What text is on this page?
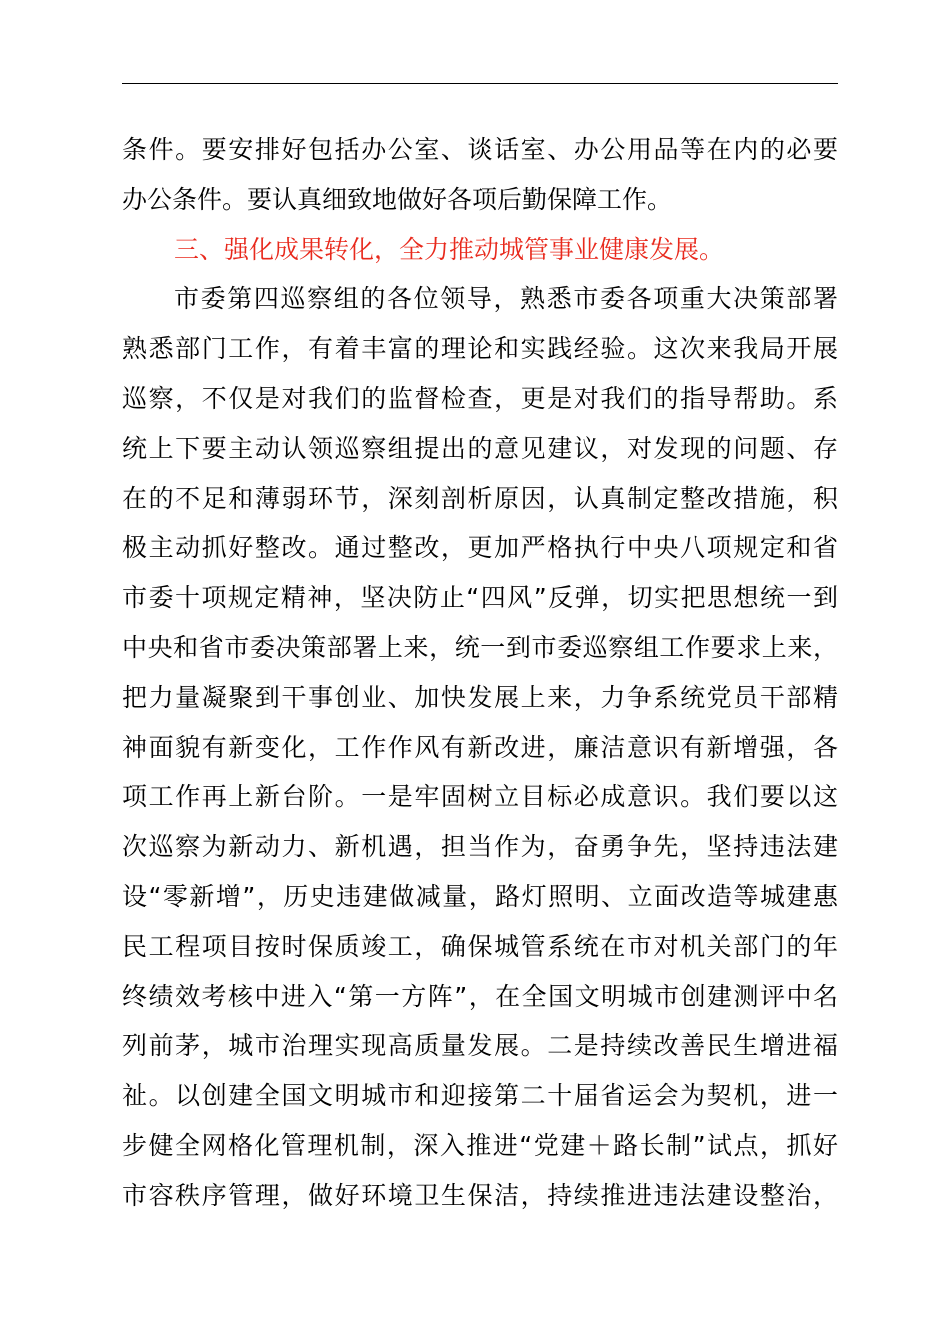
条件。要安排好包括办公室、谈话室、办公用品等在内的必要
办公条件。要认真细致地做好各项后勤保障工作。
三、强化成果转化，全力推动城管事业健康发展。
市委第四巡察组的各位领导，熟悉市委各项重大决策部署
熟悉部门工作，有着丰富的理论和实践经验。这次来我局开展
巡察，不仅是对我们的监督检查，更是对我们的指导帮助。系
统上下要主动认领巡察组提出的意见建议，对发现的问题、存
在的不足和薄弱环节，深刻剖析原因，认真制定整改措施，积
极主动抓好整改。通过整改，更加严格执行中央八项规定和省
市委十项规定精神，坚决防止“四风”反弹，切实把思想统一到
中央和省市委决策部署上来，统一到市委巡察组工作要求上来，
把力量凝聚到干事创业、加快发展上来，力争系统党员干部精
神面貌有新变化，工作作风有新改进，廉洁意识有新增强，各
项工作再上新台阶。一是牢固树立目标必成意识。我们要以这
次巡察为新动力、新机遇，担当作为，奋勇争先，坚持违法建
设“零新增”，历史违建做减量，路灯照明、立面改造等城建惠
民工程项目按时保质竣工，确保城管系统在市对机关部门的年
终绩效考核中进入“第一方阵”，在全国文明城市创建测评中名
列前茅，城市治理实现高质量发展。二是持续改善民生增进福
祉。以创建全国文明城市和迎接第二十届省运会为契机，进一
步健全网格化管理机制，深入推进“党建＋路长制”试点，抓好
市容秩序管理，做好环境卫生保洁，持续推进违法建设整治，
